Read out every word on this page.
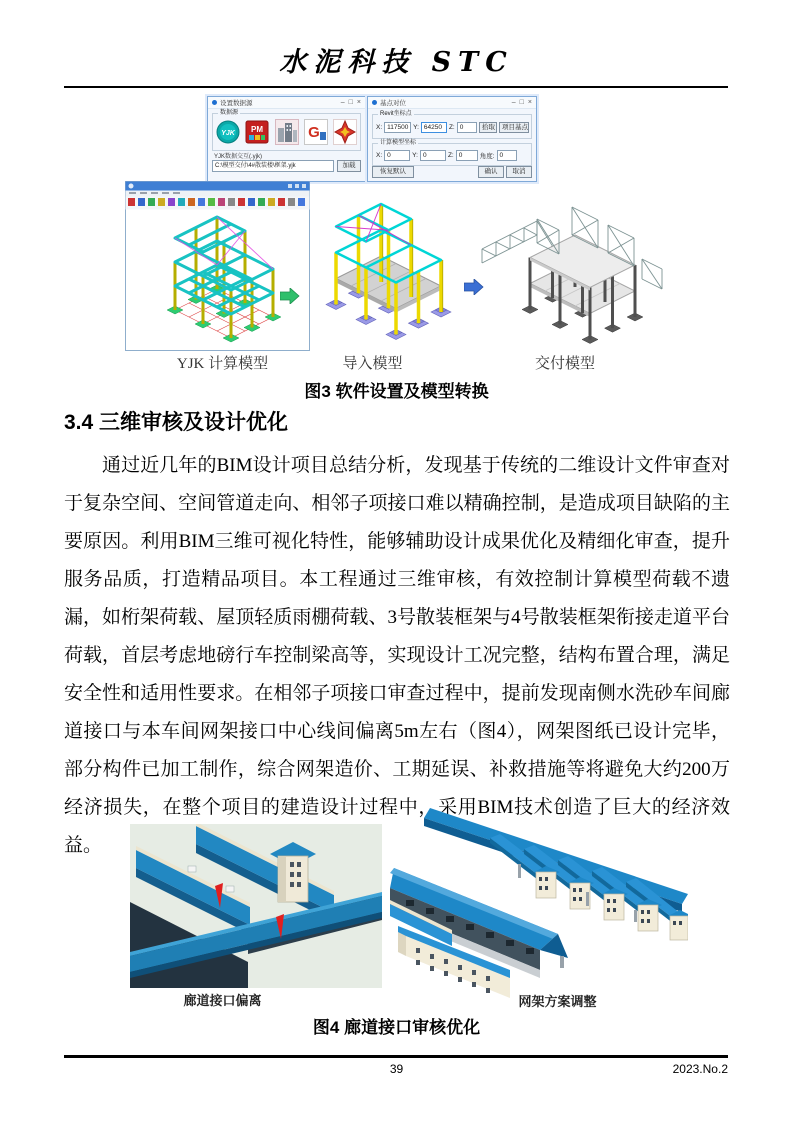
水泥科技 STC
设置数据源	– □ ×
数据源
YJK PM	G
YJK数据交互(.yjk)
C:\模型交付\4#散装楼\框架.yjk	加载
基点对位	– □ ×
Revit坐标点
X: 117500 Y: 64250	Z: 0	拾取	项目基点
计算模型坐标
X: 0	Y: 0	Z: 0	角度: 0
恢复默认	确认	取消
YJK 计算模型	导入模型	交付模型
图3 软件设置及模型转换
3.4 三维审核及设计优化
通过近几年的BIM设计项目总结分析，发现基于传统的二维设计文件审查对于复杂空间、空间管道走向、相邻子项接口难以精确控制，是造成项目缺陷的主要原因。利用BIM三维可视化特性，能够辅助设计成果优化及精细化审查，提升服务品质，打造精品项目。本工程通过三维审核，有效控制计算模型荷载不遗漏，如桁架荷载、屋顶轻质雨棚荷载、3号散装框架与4号散装框架衔接走道平台荷载，首层考虑地磅行车控制梁高等，实现设计工况完整，结构布置合理，满足安全性和适用性要求。在相邻子项接口审查过程中，提前发现南侧水洗砂车间廊道接口与本车间网架接口中心线间偏离5m左右（图4），网架图纸已设计完毕，部分构件已加工制作，综合网架造价、工期延误、补救措施等将避免大约200万经济损失，在整个项目的建造设计过程中，采用BIM技术创造了巨大的经济效益。
廊道接口偏离	网架方案调整
图4 廊道接口审核优化
39	2023.No.2
